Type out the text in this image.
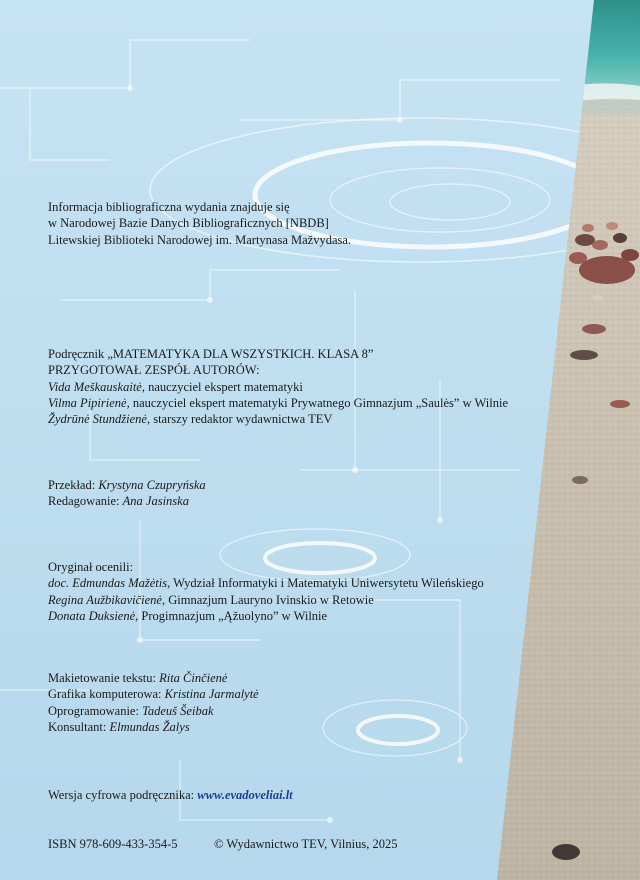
Informacja bibliograficzna wydania znajduje się
w Narodowej Bazie Danych Bibliograficznych [NBDB]
Litewskiej Biblioteki Narodowej im. Martynasa Mažvydasa.
Podręcznik „MATEMATYKA DLA WSZYSTKICH. KLASA 8”
PRZYGOTOWAŁ ZESPÓŁ AUTORÓW:
Vida Meškauskaitė, nauczyciel ekspert matematyki
Vilma Pipirienė, nauczyciel ekspert matematyki Prywatnego Gimnazjum „Saulės” w Wilnie
Žydrūnė Stundžienė, starszy redaktor wydawnictwa TEV
Przekład: Krystyna Czupryńska
Redagowanie: Ana Jasinska
Oryginał ocenili:
doc. Edmundas Mažėtis, Wydział Informatyki i Matematyki Uniwersytetu Wileńskiego
Regina Aužbikavičienė, Gimnazjum Lauryno Ivinskio w Retowie
Donata Duksienė, Progimnazjum „Ąžuolyno” w Wilnie
Makietowanie tekstu: Rita Činčienė
Grafika komputerowa: Kristina Jarmalytė
Oprogramowanie: Tadeuš Šeibak
Konsultant: Elmundas Žalys
Wersja cyfrowa podręcznika: www.evadoveliai.lt
ISBN 978-609-433-354-5	© Wydawnictwo TEV, Vilnius, 2025
